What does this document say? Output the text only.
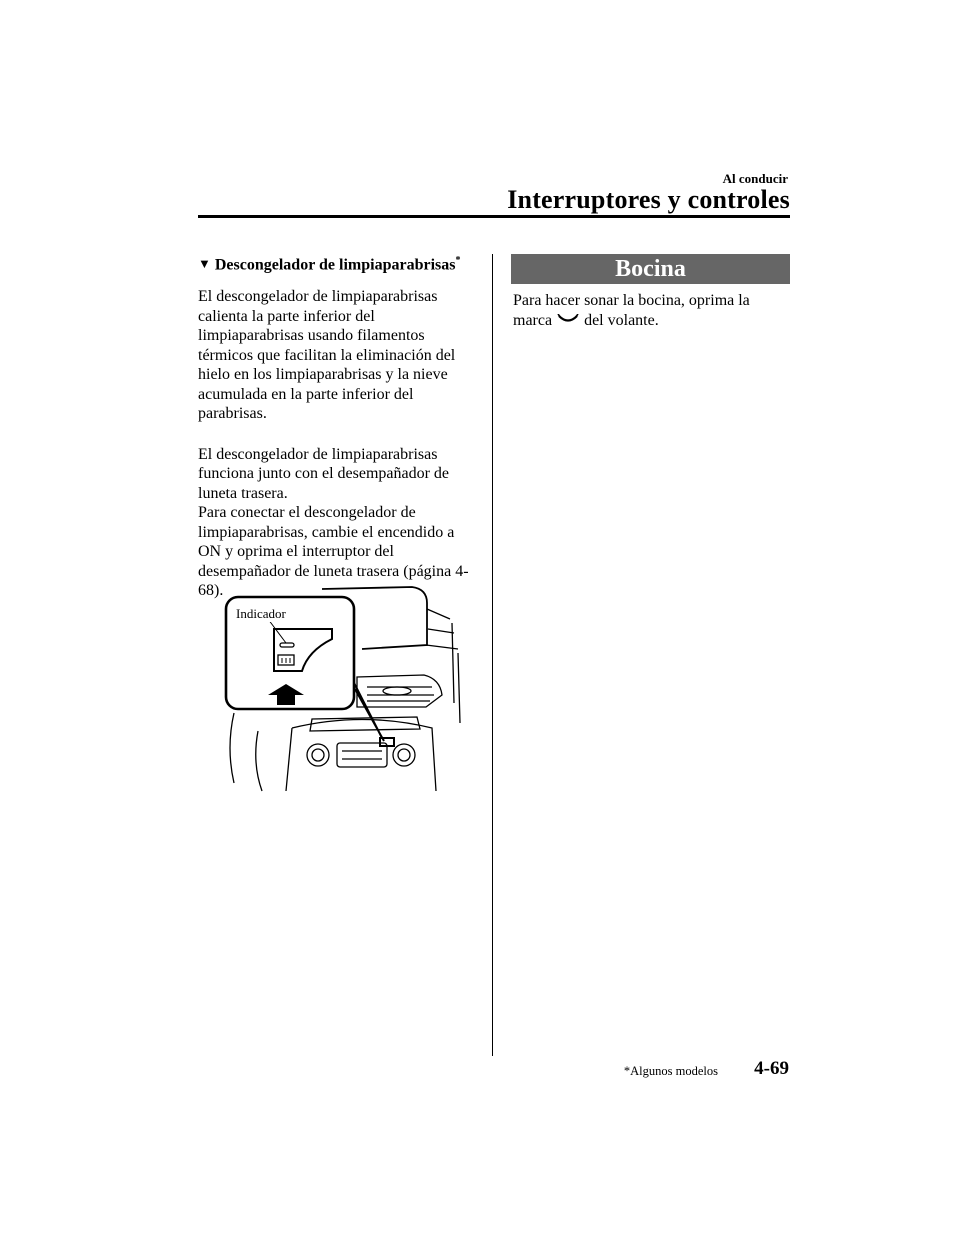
Al conducir
Interruptores y controles
▼ Descongelador de limpiaparabrisas*

El descongelador de limpiaparabrisas calienta la parte inferior del limpiaparabrisas usando filamentos térmicos que facilitan la eliminación del hielo en los limpiaparabrisas y la nieve acumulada en la parte inferior del parabrisas.

El descongelador de limpiaparabrisas funciona junto con el desempañador de luneta trasera.

Para conectar el descongelador de limpiaparabrisas, cambie el encendido a ON y oprima el interruptor del desempañador de luneta trasera (página 4-68).

Indicador
Bocina

Para hacer sonar la bocina, oprima la marca del volante.

*Algunos modelos 4-69
